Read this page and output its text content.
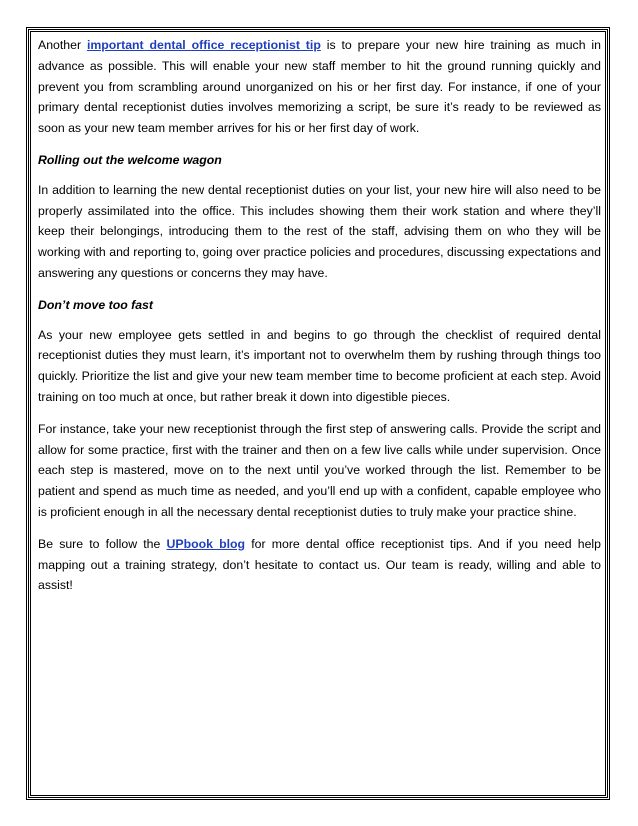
Another important dental office receptionist tip is to prepare your new hire training as much in advance as possible. This will enable your new staff member to hit the ground running quickly and prevent you from scrambling around unorganized on his or her first day. For instance, if one of your primary dental receptionist duties involves memorizing a script, be sure it’s ready to be reviewed as soon as your new team member arrives for his or her first day of work.

Rolling out the welcome wagon

In addition to learning the new dental receptionist duties on your list, your new hire will also need to be properly assimilated into the office. This includes showing them their work station and where they’ll keep their belongings, introducing them to the rest of the staff, advising them on who they will be working with and reporting to, going over practice policies and procedures, discussing expectations and answering any questions or concerns they may have.

Don’t move too fast

As your new employee gets settled in and begins to go through the checklist of required dental receptionist duties they must learn, it’s important not to overwhelm them by rushing through things too quickly. Prioritize the list and give your new team member time to become proficient at each step. Avoid training on too much at once, but rather break it down into digestible pieces.

For instance, take your new receptionist through the first step of answering calls. Provide the script and allow for some practice, first with the trainer and then on a few live calls while under supervision. Once each step is mastered, move on to the next until you’ve worked through the list. Remember to be patient and spend as much time as needed, and you’ll end up with a confident, capable employee who is proficient enough in all the necessary dental receptionist duties to truly make your practice shine.

Be sure to follow the UPbook blog for more dental office receptionist tips. And if you need help mapping out a training strategy, don’t hesitate to contact us. Our team is ready, willing and able to assist!
